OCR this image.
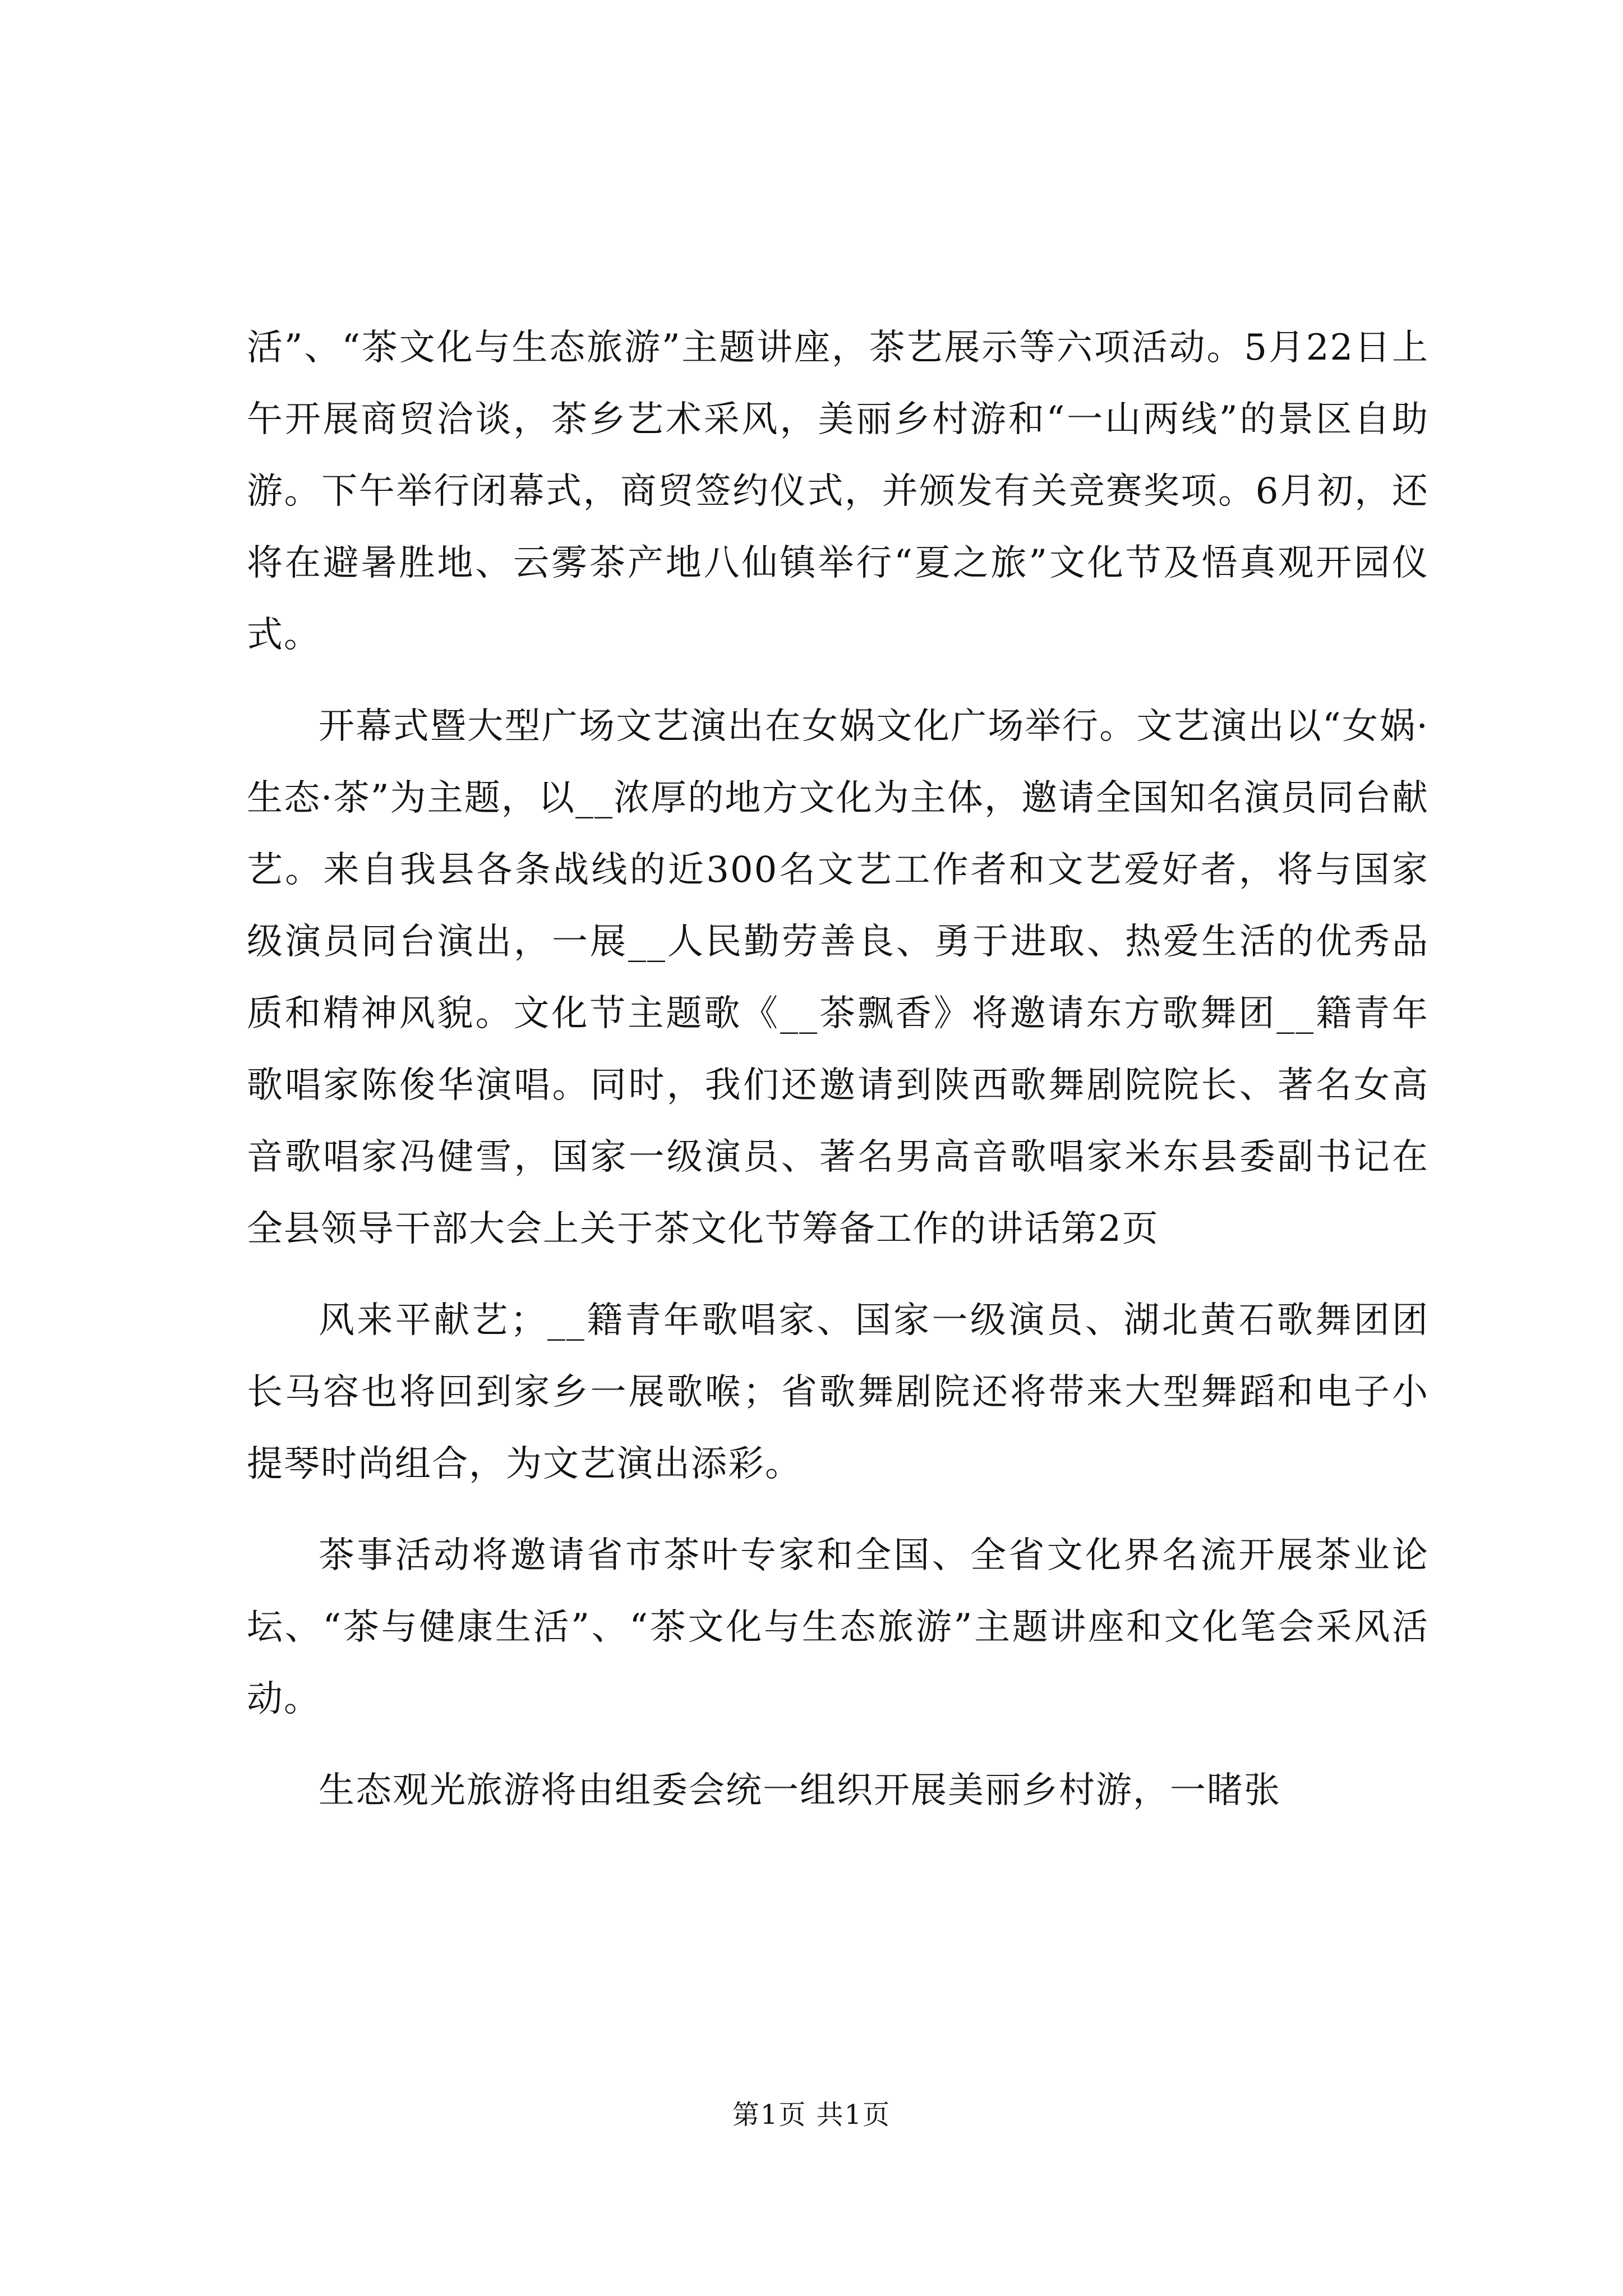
活”、“茶文化与生态旅游”主题讲座，茶艺展示等六项活动。5月22日上午开展商贸洽谈，茶乡艺术采风，美丽乡村游和“一山两线”的景区自助游。下午举行闭幕式，商贸签约仪式，并颁发有关竞赛奖项。6月初，还将在避暑胜地、云雾茶产地八仙镇举行“夏之旅”文化节及悟真观开园仪式。

开幕式暨大型广场文艺演出在女娲文化广场举行。文艺演出以“女娲·生态·茶”为主题，以__浓厚的地方文化为主体，邀请全国知名演员同台献艺。来自我县各条战线的近300名文艺工作者和文艺爱好者，将与国家级演员同台演出，一展__人民勤劳善良、勇于进取、热爱生活的优秀品质和精神风貌。文化节主题歌《__茶飘香》将邀请东方歌舞团__籍青年歌唱家陈俊华演唱。同时，我们还邀请到陕西歌舞剧院院长、著名女高音歌唱家冯健雪，国家一级演员、著名男高音歌唱家米东县委副书记在全县领导干部大会上关于茶文化节筹备工作的讲话第2页

风来平献艺；__籍青年歌唱家、国家一级演员、湖北黄石歌舞团团长马容也将回到家乡一展歌喉；省歌舞剧院还将带来大型舞蹈和电子小提琴时尚组合，为文艺演出添彩。

茶事活动将邀请省市茶叶专家和全国、全省文化界名流开展茶业论坛、“茶与健康生活”、“茶文化与生态旅游”主题讲座和文化笔会采风活动。

生态观光旅游将由组委会统一组织开展美丽乡村游，一睹张

第1页 共1页
